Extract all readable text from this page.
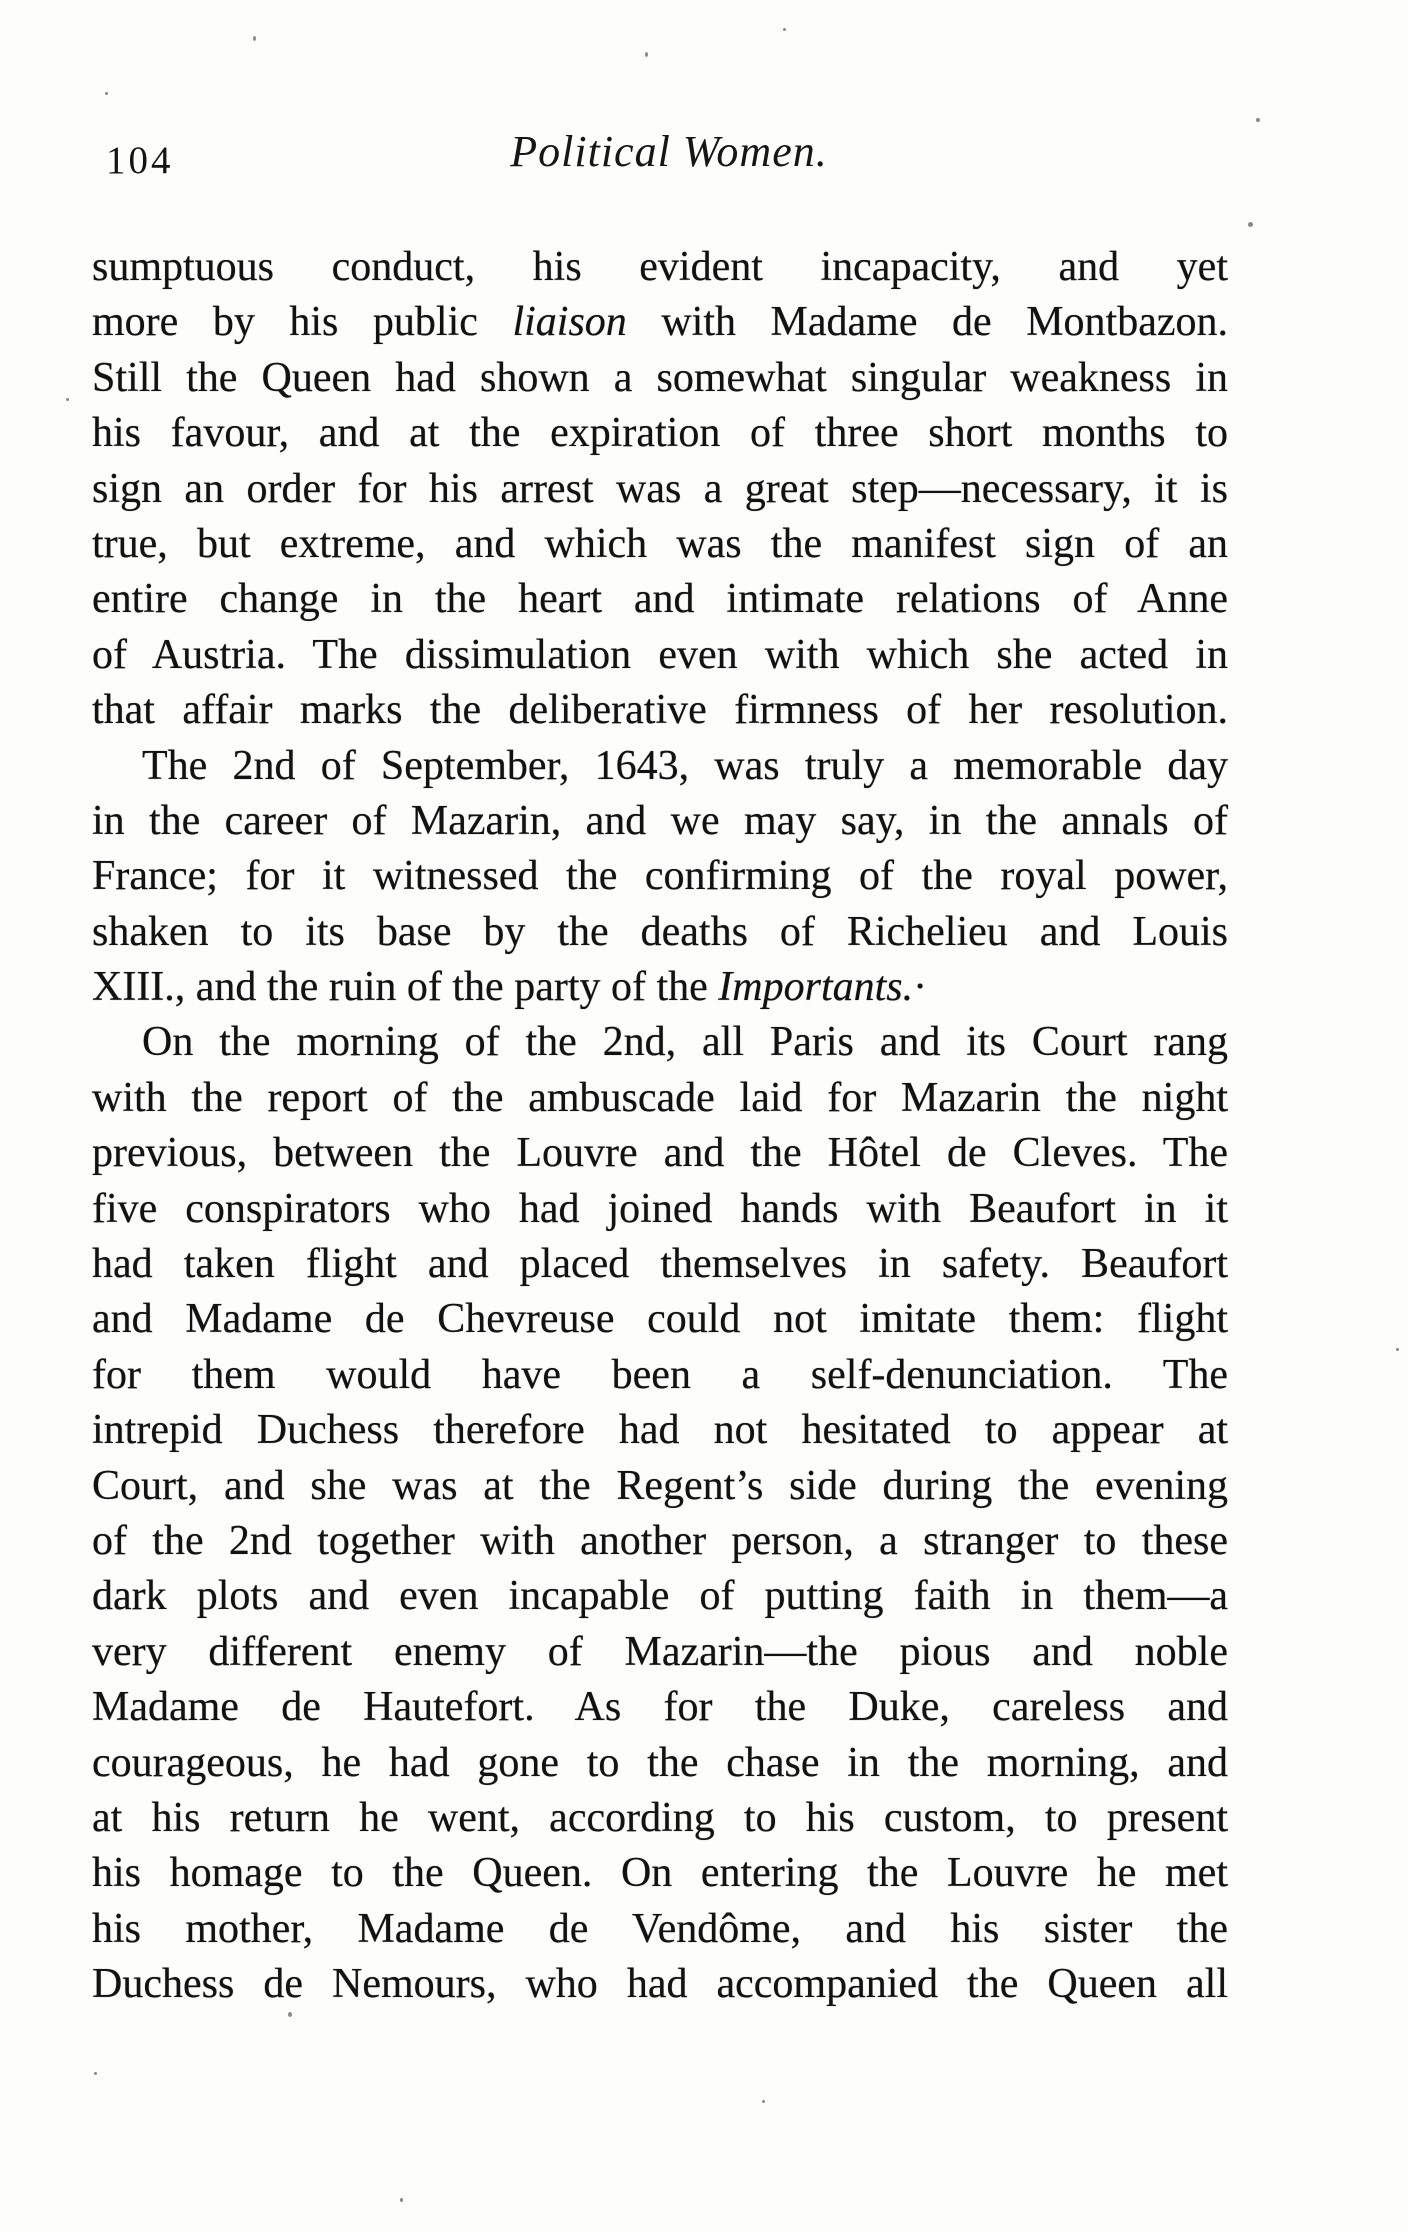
104	Political Women.
sumptuous conduct, his evident incapacity, and yet
more by his public liaison with Madame de Montbazon.
Still the Queen had shown a somewhat singular weakness in
his favour, and at the expiration of three short months to
sign an order for his arrest was a great step—necessary, it is
true, but extreme, and which was the manifest sign of an
entire change in the heart and intimate relations of Anne
of Austria. The dissimulation even with which she acted in
that affair marks the deliberative firmness of her resolution.
The 2nd of September, 1643, was truly a memorable day
in the career of Mazarin, and we may say, in the annals of
France; for it witnessed the confirming of the royal power,
shaken to its base by the deaths of Richelieu and Louis
XIII., and the ruin of the party of the Importants.·
On the morning of the 2nd, all Paris and its Court rang
with the report of the ambuscade laid for Mazarin the night
previous, between the Louvre and the Hôtel de Cleves. The
five conspirators who had joined hands with Beaufort in it
had taken flight and placed themselves in safety. Beaufort
and Madame de Chevreuse could not imitate them: flight
for them would have been a self-denunciation. The
intrepid Duchess therefore had not hesitated to appear at
Court, and she was at the Regent’s side during the evening
of the 2nd together with another person, a stranger to these
dark plots and even incapable of putting faith in them—a
very different enemy of Mazarin—the pious and noble
Madame de Hautefort. As for the Duke, careless and
courageous, he had gone to the chase in the morning, and
at his return he went, according to his custom, to present
his homage to the Queen. On entering the Louvre he met
his mother, Madame de Vendôme, and his sister the
Duchess de Nemours, who had accompanied the Queen all
